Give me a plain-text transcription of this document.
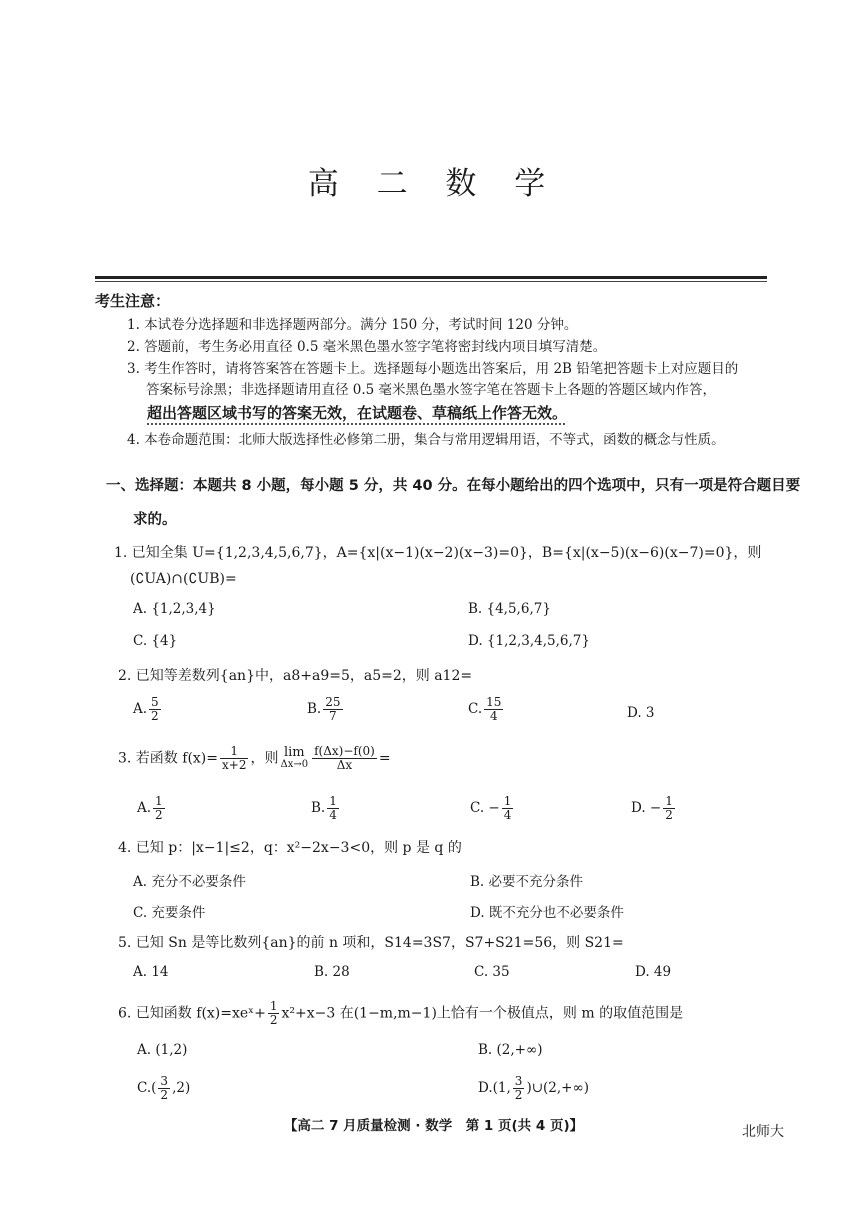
高 二 数 学
考生注意：
1. 本试卷分选择题和非选择题两部分。满分 150 分，考试时间 120 分钟。
2. 答题前，考生务必用直径 0.5 毫米黑色墨水签字笔将密封线内项目填写清楚。
3. 考生作答时，请将答案答在答题卡上。选择题每小题选出答案后，用 2B 铅笔把答题卡上对应题目的
答案标号涂黑；非选择题请用直径 0.5 毫米黑色墨水签字笔在答题卡上各题的答题区域内作答，
超出答题区域书写的答案无效，在试题卷、草稿纸上作答无效。
4. 本卷命题范围：北师大版选择性必修第二册，集合与常用逻辑用语，不等式，函数的概念与性质。
一、选择题：本题共 8 小题，每小题 5 分，共 40 分。在每小题给出的四个选项中，只有一项是符合题目要
求的。
1. 已知全集 U={1,2,3,4,5,6,7}，A={x|(x−1)(x−2)(x−3)=0}，B={x|(x−5)(x−6)(x−7)=0}，则
(∁UA)∩(∁UB)=
A. {1,2,3,4}	B. {4,5,6,7}
C. {4}	D. {1,2,3,4,5,6,7}
2. 已知等差数列{an}中，a8+a9=5，a5=2，则 a12=
A. $\frac{5}{2}$	B. $\frac{25}{7}$	C. $\frac{15}{4}$	D. 3
3. 若函数 $f(x)= \frac{1}{x+2}$ ，则 lim
$\Delta x\to 0 \frac{f(\Delta x)-f(0)}{\Delta x}$ =
A. $\frac{1}{2}$	B. $\frac{1}{4}$	C. − $\frac{1}{4}$	D. − $\frac{1}{2}$
4. 已知 p：|x−1|≤2，q：x²−2x−3<0，则 p 是 q 的
A. 充分不必要条件	B. 必要不充分条件
C. 充要条件	D. 既不充分也不必要条件
5. 已知 Sn 是等比数列{an}的前 n 项和，S14=3S7，S7+S21=56，则 S21=
A. 14	B. 28	C. 35	D. 49
6. 已知函数 f(x)=xeˣ+ $\frac{1}{2} x^2+x-3$ 在(1−m,m−1)上恰有一个极值点，则 m 的取值范围是
A. (1,2)	B. (2,+∞)
$C.( \frac{3}{2} ,2)$	D.(1, $\frac{3}{2}$ )∪(2,+∞)
【高二 7 月质量检测 · 数学　第 1 页(共 4 页)】	北师大
